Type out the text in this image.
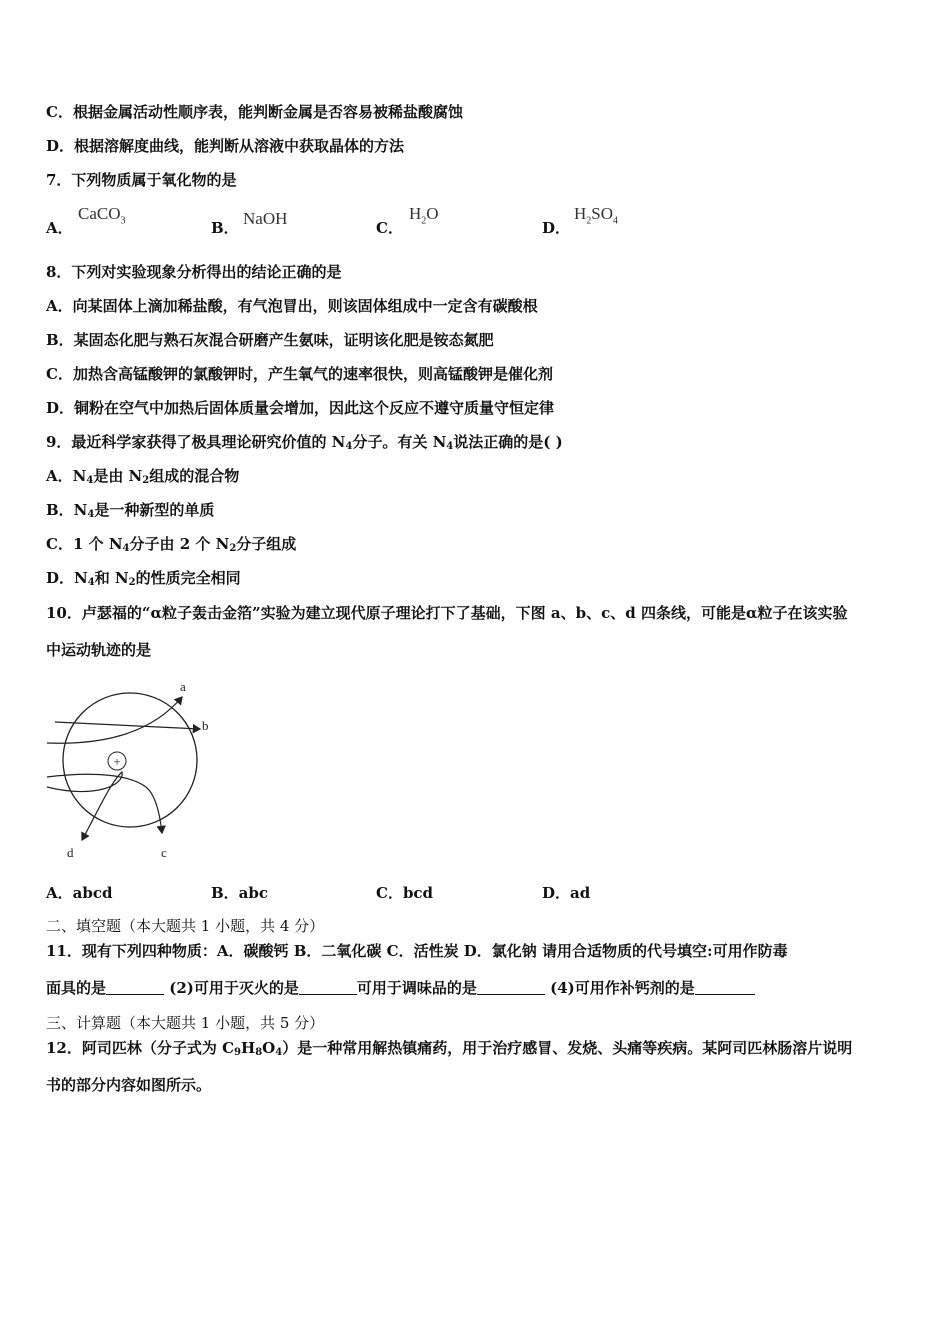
C．根据金属活动性顺序表，能判断金属是否容易被稀盐酸腐蚀
D．根据溶解度曲线，能判断从溶液中获取晶体的方法
7．下列物质属于氧化物的是
A．
CaCO$_3$	B． NaOH	C．
$H_2O$
D．
$H_2SO_4$
8．下列对实验现象分析得出的结论正确的是
A．向某固体上滴加稀盐酸，有气泡冒出，则该固体组成中一定含有碳酸根
B．某固态化肥与熟石灰混合研磨产生氨味，证明该化肥是铵态氮肥
C．加热含高锰酸钾的氯酸钾时，产生氧气的速率很快，则高锰酸钾是催化剂
D．铜粉在空气中加热后固体质量会增加，因此这个反应不遵守质量守恒定律
9．最近科学家获得了极具理论研究价值的 $N_4$分子。有关 $N_4$说法正确的是( )
A．$N_4$是由 $N_2$组成的混合物
B．$N_4$是一种新型的单质
C．1 个 $N_4$分子由 2 个 $N_2$分子组成
D．$N_4$和 $N_2$的性质完全相同
10．卢瑟福的“α粒子轰击金箔”实验为建立现代原子理论打下了基础，下图 a、b、c、d 四条线，可能是α粒子在该实验
中运动轨迹的是
+
a
b
c
d
A．abcd	B．abc	C．bcd	D．ad
二、填空题（本大题共 1 小题，共 4 分）
11．现有下列四种物质：A．碳酸钙 B．二氧化碳 C．活性炭 D．氯化钠 请用合适物质的代号填空:可用作防毒
面具的是	(2)可用于灭火的是	可用于调味品的是	(4)可用作补钙剂的是
三、计算题（本大题共 1 小题，共 5 分）
12．阿司匹林（分子式为 $C_9H_8O_4$）是一种常用解热镇痛药，用于治疗感冒、发烧、头痛等疾病。某阿司匹林肠溶片说明
书的部分内容如图所示。
